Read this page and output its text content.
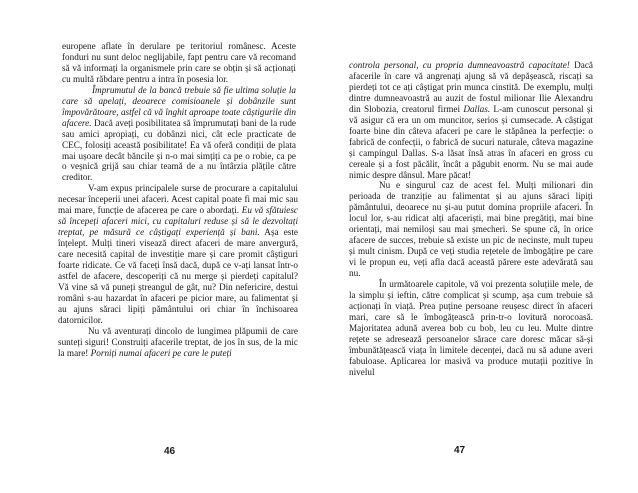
europene aflate în derulare pe teritoriul românesc. Aceste fonduri nu sunt deloc neglijabile, fapt pentru care vă recomand să vă informați la organismele prin care se obțin și să acționați cu multă răbdare pentru a intra în posesia lor.

Împrumutul de la bancă trebuie să fie ultima soluție la care să apelați, deoarece comisioanele și dobânzile sunt împovărătoare, astfel că vă înghit aproape toate câștigurile din afacere. Dacă aveți posibilitatea să împrumutați bani de la rude sau amici apropiați, cu dobânzi nici, cât ecle practicate de CEC, folosiți această posibilitate! Ea vă oferă condiții de plata mai ușoare decât băncile și n-o mai simțiți ca pe o robie, ca pe o veșnică grijă sau chiar teamă de a nu întârzia plățile către creditor.

V-am expus principalele surse de procurare a capitalului necesar începerii unei afaceri. Acest capital poate fi mai mic sau mai mare, funcție de afacerea pe care o abordați. Eu vă sfătuiesc să începeți afaceri mici, cu capitaluri reduse și să le dezvoltați treptat, pe măsură ce câștigați experiență și bani. Așa este înțelept. Mulți tineri visează direct afaceri de mare anvergură, care necesită capital de investiție mare și care promit câștiguri foarte ridicate. Ce vă faceți însă dacă, după ce v-ați lansat într-o astfel de afacere, descoperiți că nu merge și pierdeți capitalul? Vă vine să vă puneți ștreangul de gât, nu? Din nefericire, destui români s-au hazardat în afaceri pe picior mare, au falimentat și au ajuns săraci lipiți pământului ori chiar în închisoarea datornicilor.

Nu vă aventurați dincolo de lungimea plăpumii de care sunteți siguri! Construiți afacerile treptat, de jos în sus, de la mic la mare! Porniți numai afaceri pe care le puteți

46

controla personal, cu propria dumneavoastră capacitate! Dacă afacerile în care vă angrenați ajung să vă depășească, riscați sa pierdeți tot ce ați câștigat prin munca cinstită. De exemplu, mulți dintre dumneavoastră au auzit de fostul milionar Ilie Alexandru din Slobozia, creatorul firmei Dallas. L-am cunoscut personal și vă asigur că era un om muncitor, serios și cumsecade. A câștigat foarte bine din câteva afaceri pe care le stăpânea la perfecție: o fabrică de confecții, o fabrică de sucuri naturale, câteva magazine și campingul Dallas. S-a lăsat însă atras în afaceri en gross cu cereale și a fost păcălit, încât a păgubit enorm. Nu se mai aude nimic despre dânsul. Mare păcat!

Nu e singurul caz de acest fel. Mulți milionari din perioada de tranziție au falimentat și au ajuns săraci lipiți pământului, deoarece nu și-au putut domina propriile afaceri. În locul lor, s-au ridicat alți afaceriști, mai bine pregătiți, mai bine orientați, mai nemiloși sau mai șmecheri. Se spune că, în orice afacere de succes, trebuie să existe un pic de necinste, mult tupeu și mult cinism. După ce veți studia rețetele de îmbogățire pe care vi le propun eu, veți afla dacă această părere este adevărată sau nu.

În următoarele capitole, vă voi prezenta soluțiile mele, de la simplu și ieftin, către complicat și scump, așa cum trebuie să acționați în viață. Prea puține persoane reușesc direct în afaceri mari, care să le îmbogățească prin-tr-o lovitură norocoasă. Majoritatea adună averea bob cu bob, leu cu leu. Multe dintre rețete se adresează persoanelor sărace care doresc măcar să-și îmbunătățească viața în limitele decenței, dacă nu să adune averi fabuloase. Aplicarea lor masivă va produce mutații pozitive în nivelul

47
